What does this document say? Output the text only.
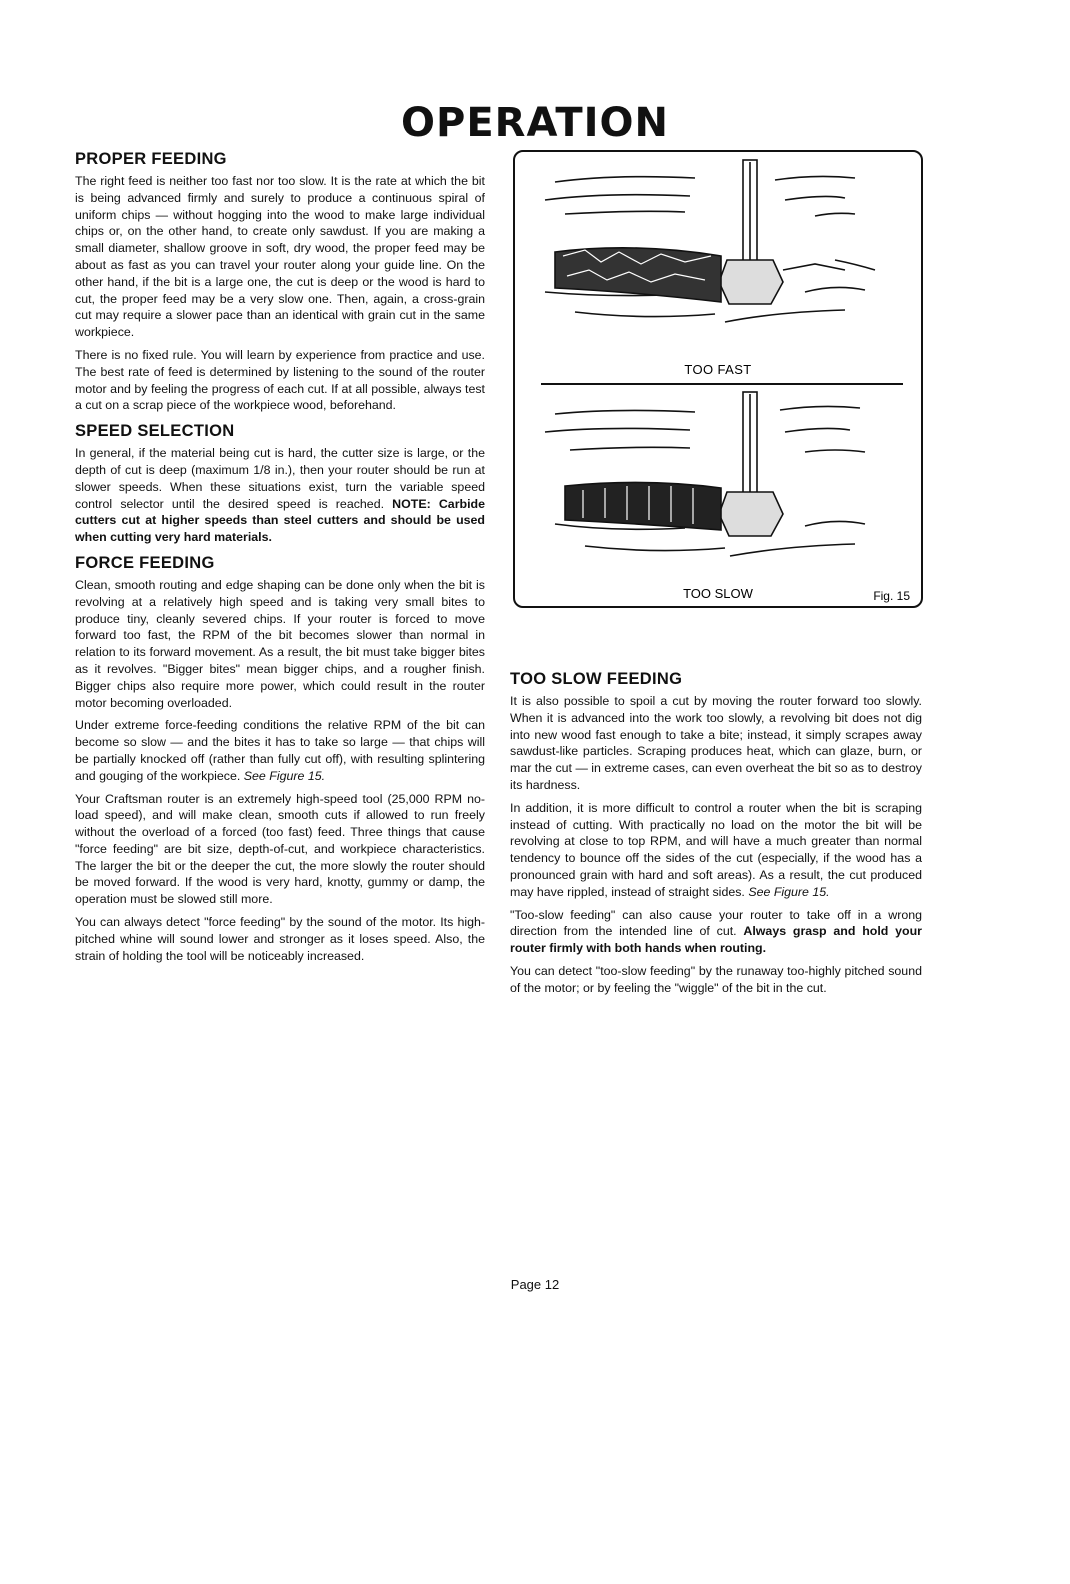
OPERATION
PROPER FEEDING

The right feed is neither too fast nor too slow. It is the rate at which the bit is being advanced firmly and surely to produce a continuous spiral of uniform chips — without hogging into the wood to make large individual chips or, on the other hand, to create only sawdust. If you are making a small diameter, shallow groove in soft, dry wood, the proper feed may be about as fast as you can travel your router along your guide line. On the other hand, if the bit is a large one, the cut is deep or the wood is hard to cut, the proper feed may be a very slow one. Then, again, a cross-grain cut may require a slower pace than an identical with grain cut in the same workpiece.

There is no fixed rule. You will learn by experience from practice and use. The best rate of feed is determined by listening to the sound of the router motor and by feeling the progress of each cut. If at all possible, always test a cut on a scrap piece of the workpiece wood, beforehand.

SPEED SELECTION

In general, if the material being cut is hard, the cutter size is large, or the depth of cut is deep (maximum 1/8 in.), then your router should be run at slower speeds. When these situations exist, turn the variable speed control selector until the desired speed is reached. NOTE: Carbide cutters cut at higher speeds than steel cutters and should be used when cutting very hard materials.

FORCE FEEDING

Clean, smooth routing and edge shaping can be done only when the bit is revolving at a relatively high speed and is taking very small bites to produce tiny, cleanly severed chips. If your router is forced to move forward too fast, the RPM of the bit becomes slower than normal in relation to its forward movement. As a result, the bit must take bigger bites as it revolves. "Bigger bites" mean bigger chips, and a rougher finish. Bigger chips also require more power, which could result in the router motor becoming overloaded.

Under extreme force-feeding conditions the relative RPM of the bit can become so slow — and the bites it has to take so large — that chips will be partially knocked off (rather than fully cut off), with resulting splintering and gouging of the workpiece. See Figure 15.

Your Craftsman router is an extremely high-speed tool (25,000 RPM no-load speed), and will make clean, smooth cuts if allowed to run freely without the overload of a forced (too fast) feed. Three things that cause "force feeding" are bit size, depth-of-cut, and workpiece characteristics. The larger the bit or the deeper the cut, the more slowly the router should be moved forward. If the wood is very hard, knotty, gummy or damp, the operation must be slowed still more.

You can always detect "force feeding" by the sound of the motor. Its high-pitched whine will sound lower and stronger as it loses speed. Also, the strain of holding the tool will be noticeably increased.

TOO FAST
TOO SLOW	Fig. 15
TOO SLOW FEEDING

It is also possible to spoil a cut by moving the router forward too slowly. When it is advanced into the work too slowly, a revolving bit does not dig into new wood fast enough to take a bite; instead, it simply scrapes away sawdust-like particles. Scraping produces heat, which can glaze, burn, or mar the cut — in extreme cases, can even overheat the bit so as to destroy its hardness.

In addition, it is more difficult to control a router when the bit is scraping instead of cutting. With practically no load on the motor the bit will be revolving at close to top RPM, and will have a much greater than normal tendency to bounce off the sides of the cut (especially, if the wood has a pronounced grain with hard and soft areas). As a result, the cut produced may have rippled, instead of straight sides. See Figure 15.

"Too-slow feeding" can also cause your router to take off in a wrong direction from the intended line of cut. Always grasp and hold your router firmly with both hands when routing.

You can detect "too-slow feeding" by the runaway too-highly pitched sound of the motor; or by feeling the "wiggle" of the bit in the cut.

Page 12
